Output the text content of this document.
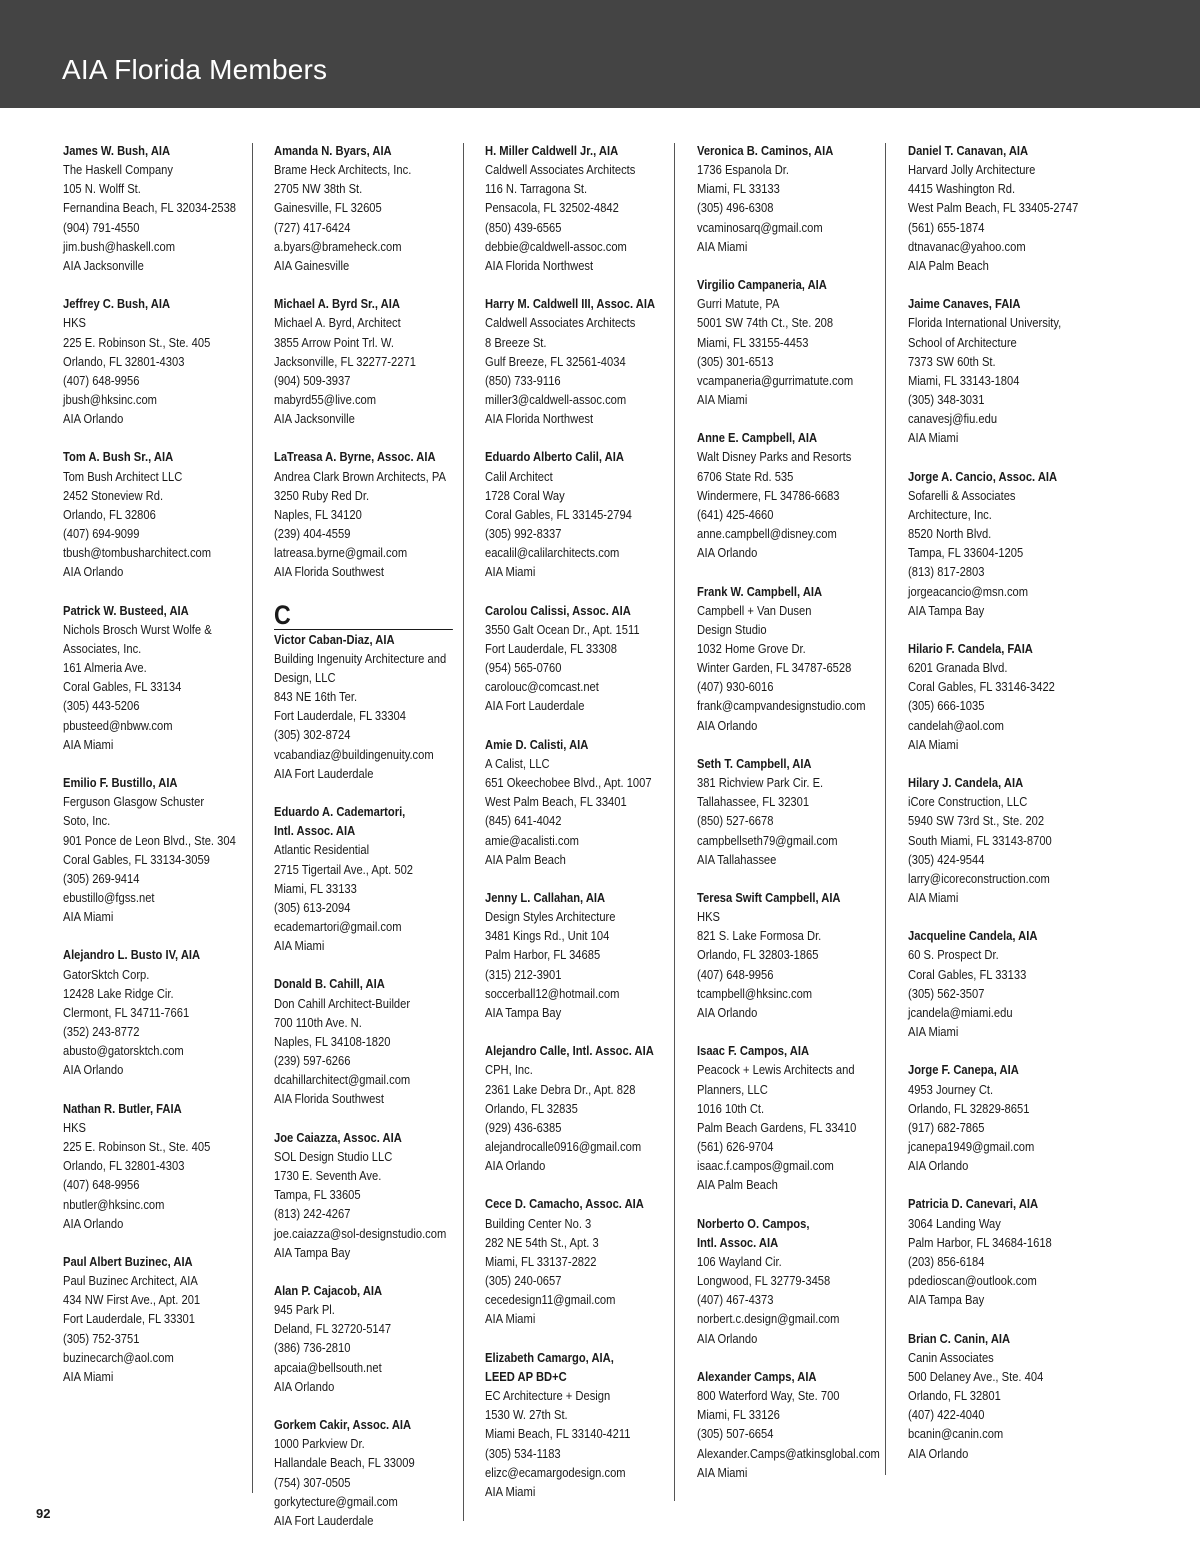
AIA Florida Members
James W. Bush, AIA
The Haskell Company
105 N. Wolff St.
Fernandina Beach, FL 32034-2538
(904) 791-4550
jim.bush@haskell.com
AIA Jacksonville
Jeffrey C. Bush, AIA
HKS
225 E. Robinson St., Ste. 405
Orlando, FL 32801-4303
(407) 648-9956
jbush@hksinc.com
AIA Orlando
Tom A. Bush Sr., AIA
Tom Bush Architect LLC
2452 Stoneview Rd.
Orlando, FL 32806
(407) 694-9099
tbush@tombusharchitect.com
AIA Orlando
Patrick W. Busteed, AIA
Nichols Brosch Wurst Wolfe &
Associates, Inc.
161 Almeria Ave.
Coral Gables, FL 33134
(305) 443-5206
pbusteed@nbww.com
AIA Miami
Emilio F. Bustillo, AIA
Ferguson Glasgow Schuster
Soto, Inc.
901 Ponce de Leon Blvd., Ste. 304
Coral Gables, FL 33134-3059
(305) 269-9414
ebustillo@fgss.net
AIA Miami
Alejandro L. Busto IV, AIA
GatorSktch Corp.
12428 Lake Ridge Cir.
Clermont, FL 34711-7661
(352) 243-8772
abusto@gatorsktch.com
AIA Orlando
Nathan R. Butler, FAIA
HKS
225 E. Robinson St., Ste. 405
Orlando, FL 32801-4303
(407) 648-9956
nbutler@hksinc.com
AIA Orlando
Paul Albert Buzinec, AIA
Paul Buzinec Architect, AIA
434 NW First Ave., Apt. 201
Fort Lauderdale, FL 33301
(305) 752-3751
buzinecarch@aol.com
AIA Miami
Amanda N. Byars, AIA
Brame Heck Architects, Inc.
2705 NW 38th St.
Gainesville, FL 32605
(727) 417-6424
a.byars@brameheck.com
AIA Gainesville
Michael A. Byrd Sr., AIA
Michael A. Byrd, Architect
3855 Arrow Point Trl. W.
Jacksonville, FL 32277-2271
(904) 509-3937
mabyrd55@live.com
AIA Jacksonville
LaTreasa A. Byrne, Assoc. AIA
Andrea Clark Brown Architects, PA
3250 Ruby Red Dr.
Naples, FL 34120
(239) 404-4559
latreasa.byrne@gmail.com
AIA Florida Southwest
C
Victor Caban-Diaz, AIA
Building Ingenuity Architecture and
Design, LLC
843 NE 16th Ter.
Fort Lauderdale, FL 33304
(305) 302-8724
vcabandiaz@buildingenuity.com
AIA Fort Lauderdale
Eduardo A. Cademartori,
Intl. Assoc. AIA
Atlantic Residential
2715 Tigertail Ave., Apt. 502
Miami, FL 33133
(305) 613-2094
ecademartori@gmail.com
AIA Miami
Donald B. Cahill, AIA
Don Cahill Architect-Builder
700 110th Ave. N.
Naples, FL 34108-1820
(239) 597-6266
dcahillarchitect@gmail.com
AIA Florida Southwest
Joe Caiazza, Assoc. AIA
SOL Design Studio LLC
1730 E. Seventh Ave.
Tampa, FL 33605
(813) 242-4267
joe.caiazza@sol-designstudio.com
AIA Tampa Bay
Alan P. Cajacob, AIA
945 Park Pl.
Deland, FL 32720-5147
(386) 736-2810
apcaia@bellsouth.net
AIA Orlando
Gorkem Cakir, Assoc. AIA
1000 Parkview Dr.
Hallandale Beach, FL 33009
(754) 307-0505
gorkytecture@gmail.com
AIA Fort Lauderdale
H. Miller Caldwell Jr., AIA
Caldwell Associates Architects
116 N. Tarragona St.
Pensacola, FL 32502-4842
(850) 439-6565
debbie@caldwell-assoc.com
AIA Florida Northwest
Harry M. Caldwell III, Assoc. AIA
Caldwell Associates Architects
8 Breeze St.
Gulf Breeze, FL 32561-4034
(850) 733-9116
miller3@caldwell-assoc.com
AIA Florida Northwest
Eduardo Alberto Calil, AIA
Calil Architect
1728 Coral Way
Coral Gables, FL 33145-2794
(305) 992-8337
eacalil@calilarchitects.com
AIA Miami
Carolou Calissi, Assoc. AIA
3550 Galt Ocean Dr., Apt. 1511
Fort Lauderdale, FL 33308
(954) 565-0760
carolouc@comcast.net
AIA Fort Lauderdale
Amie D. Calisti, AIA
A Calist, LLC
651 Okeechobee Blvd., Apt. 1007
West Palm Beach, FL 33401
(845) 641-4042
amie@acalisti.com
AIA Palm Beach
Jenny L. Callahan, AIA
Design Styles Architecture
3481 Kings Rd., Unit 104
Palm Harbor, FL 34685
(315) 212-3901
soccerball12@hotmail.com
AIA Tampa Bay
Alejandro Calle, Intl. Assoc. AIA
CPH, Inc.
2361 Lake Debra Dr., Apt. 828
Orlando, FL 32835
(929) 436-6385
alejandrocalle0916@gmail.com
AIA Orlando
Cece D. Camacho, Assoc. AIA
Building Center No. 3
282 NE 54th St., Apt. 3
Miami, FL 33137-2822
(305) 240-0657
cecedesign11@gmail.com
AIA Miami
Elizabeth Camargo, AIA,
LEED AP BD+C
EC Architecture + Design
1530 W. 27th St.
Miami Beach, FL 33140-4211
(305) 534-1183
elizc@ecamargodesign.com
AIA Miami
Veronica B. Caminos, AIA
1736 Espanola Dr.
Miami, FL 33133
(305) 496-6308
vcaminosarq@gmail.com
AIA Miami
Virgilio Campaneria, AIA
Gurri Matute, PA
5001 SW 74th Ct., Ste. 208
Miami, FL 33155-4453
(305) 301-6513
vcampaneria@gurrimatute.com
AIA Miami
Anne E. Campbell, AIA
Walt Disney Parks and Resorts
6706 State Rd. 535
Windermere, FL 34786-6683
(641) 425-4660
anne.campbell@disney.com
AIA Orlando
Frank W. Campbell, AIA
Campbell + Van Dusen
Design Studio
1032 Home Grove Dr.
Winter Garden, FL 34787-6528
(407) 930-6016
frank@campvandesignstudio.com
AIA Orlando
Seth T. Campbell, AIA
381 Richview Park Cir. E.
Tallahassee, FL 32301
(850) 527-6678
campbellseth79@gmail.com
AIA Tallahassee
Teresa Swift Campbell, AIA
HKS
821 S. Lake Formosa Dr.
Orlando, FL 32803-1865
(407) 648-9956
tcampbell@hksinc.com
AIA Orlando
Isaac F. Campos, AIA
Peacock + Lewis Architects and
Planners, LLC
1016 10th Ct.
Palm Beach Gardens, FL 33410
(561) 626-9704
isaac.f.campos@gmail.com
AIA Palm Beach
Norberto O. Campos,
Intl. Assoc. AIA
106 Wayland Cir.
Longwood, FL 32779-3458
(407) 467-4373
norbert.c.design@gmail.com
AIA Orlando
Alexander Camps, AIA
800 Waterford Way, Ste. 700
Miami, FL 33126
(305) 507-6654
Alexander.Camps@atkinsglobal.com
AIA Miami
Daniel T. Canavan, AIA
Harvard Jolly Architecture
4415 Washington Rd.
West Palm Beach, FL 33405-2747
(561) 655-1874
dtnavanac@yahoo.com
AIA Palm Beach
Jaime Canaves, FAIA
Florida International University,
School of Architecture
7373 SW 60th St.
Miami, FL 33143-1804
(305) 348-3031
canavesj@fiu.edu
AIA Miami
Jorge A. Cancio, Assoc. AIA
Sofarelli & Associates
Architecture, Inc.
8520 North Blvd.
Tampa, FL 33604-1205
(813) 817-2803
jorgeacancio@msn.com
AIA Tampa Bay
Hilario F. Candela, FAIA
6201 Granada Blvd.
Coral Gables, FL 33146-3422
(305) 666-1035
candelah@aol.com
AIA Miami
Hilary J. Candela, AIA
iCore Construction, LLC
5940 SW 73rd St., Ste. 202
South Miami, FL 33143-8700
(305) 424-9544
larry@icoreconstruction.com
AIA Miami
Jacqueline Candela, AIA
60 S. Prospect Dr.
Coral Gables, FL 33133
(305) 562-3507
jcandela@miami.edu
AIA Miami
Jorge F. Canepa, AIA
4953 Journey Ct.
Orlando, FL 32829-8651
(917) 682-7865
jcanepa1949@gmail.com
AIA Orlando
Patricia D. Canevari, AIA
3064 Landing Way
Palm Harbor, FL 34684-1618
(203) 856-6184
pdedioscan@outlook.com
AIA Tampa Bay
Brian C. Canin, AIA
Canin Associates
500 Delaney Ave., Ste. 404
Orlando, FL 32801
(407) 422-4040
bcanin@canin.com
AIA Orlando
92
